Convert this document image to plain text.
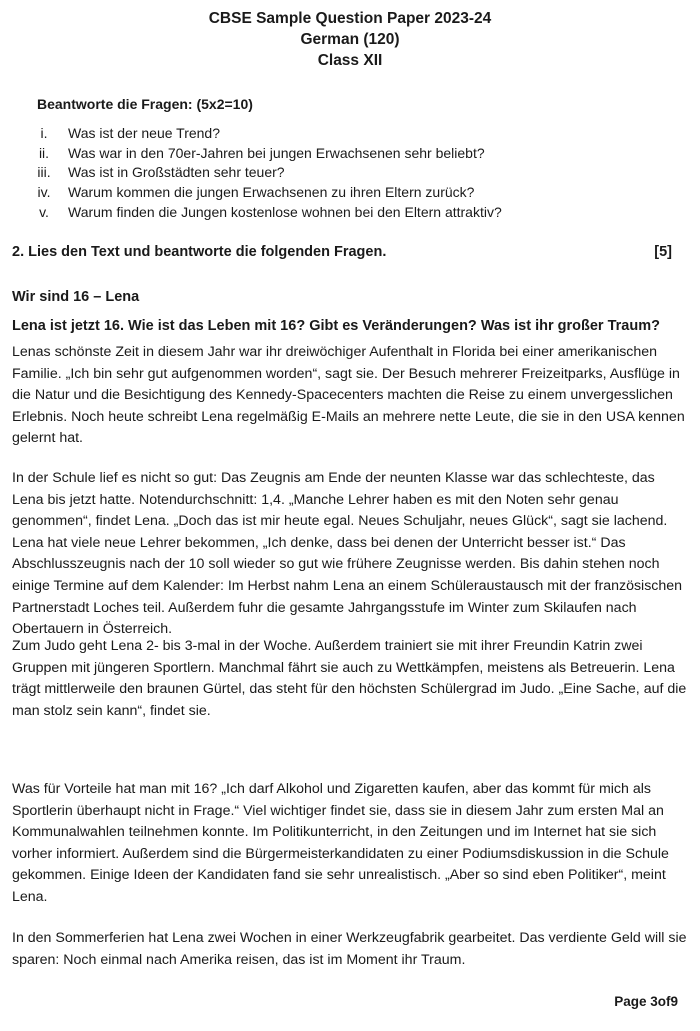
CBSE Sample Question Paper 2023-24
German (120)
Class XII
Beantworte die Fragen: (5x2=10)
i.	Was ist der neue Trend?
ii.	Was war in den 70er-Jahren bei jungen Erwachsenen sehr beliebt?
iii.	Was ist in Großstädten sehr teuer?
iv.	Warum kommen die jungen Erwachsenen zu ihren Eltern zurück?
v.	Warum finden die Jungen kostenlose wohnen bei den Eltern attraktiv?
2. Lies den Text und beantworte die folgenden Fragen.	[5]
Wir sind 16 – Lena
Lena ist jetzt 16. Wie ist das Leben mit 16? Gibt es Veränderungen? Was ist ihr großer Traum?

Lenas schönste Zeit in diesem Jahr war ihr dreiwöchiger Aufenthalt in Florida bei einer amerikanischen Familie. „Ich bin sehr gut aufgenommen worden“, sagt sie. Der Besuch mehrerer Freizeitparks, Ausflüge in die Natur und die Besichtigung des Kennedy-Spacecenters machten die Reise zu einem unvergesslichen Erlebnis. Noch heute schreibt Lena regelmäßig E-Mails an mehrere nette Leute, die sie in den USA kennen gelernt hat.

In der Schule lief es nicht so gut: Das Zeugnis am Ende der neunten Klasse war das schlechteste, das Lena bis jetzt hatte. Notendurchschnitt: 1,4. „Manche Lehrer haben es mit den Noten sehr genau genommen“, findet Lena. „Doch das ist mir heute egal. Neues Schuljahr, neues Glück“, sagt sie lachend. Lena hat viele neue Lehrer bekommen, „Ich denke, dass bei denen der Unterricht besser ist.“ Das Abschlusszeugnis nach der 10 soll wieder so gut wie frühere Zeugnisse werden. Bis dahin stehen noch einige Termine auf dem Kalender: Im Herbst nahm Lena an einem Schüleraustausch mit der französischen Partnerstadt Loches teil. Außerdem fuhr die gesamte Jahrgangsstufe im Winter zum Skilaufen nach Obertauern in Österreich.

Zum Judo geht Lena 2- bis 3-mal in der Woche. Außerdem trainiert sie mit ihrer Freundin Katrin zwei Gruppen mit jüngeren Sportlern. Manchmal fährt sie auch zu Wettkämpfen, meistens als Betreuerin. Lena trägt mittlerweile den braunen Gürtel, das steht für den höchsten Schülergrad im Judo. „Eine Sache, auf die man stolz sein kann“, findet sie.

Was für Vorteile hat man mit 16? „Ich darf Alkohol und Zigaretten kaufen, aber das kommt für mich als Sportlerin überhaupt nicht in Frage.“ Viel wichtiger findet sie, dass sie in diesem Jahr zum ersten Mal an Kommunalwahlen teilnehmen konnte. Im Politikunterricht, in den Zeitungen und im Internet hat sie sich vorher informiert. Außerdem sind die Bürgermeisterkandidaten zu einer Podiumsdiskussion in die Schule gekommen. Einige Ideen der Kandidaten fand sie sehr unrealistisch. „Aber so sind eben Politiker“, meint Lena.

In den Sommerferien hat Lena zwei Wochen in einer Werkzeugfabrik gearbeitet. Das verdiente Geld will sie sparen: Noch einmal nach Amerika reisen, das ist im Moment ihr Traum.

Page 3of9
